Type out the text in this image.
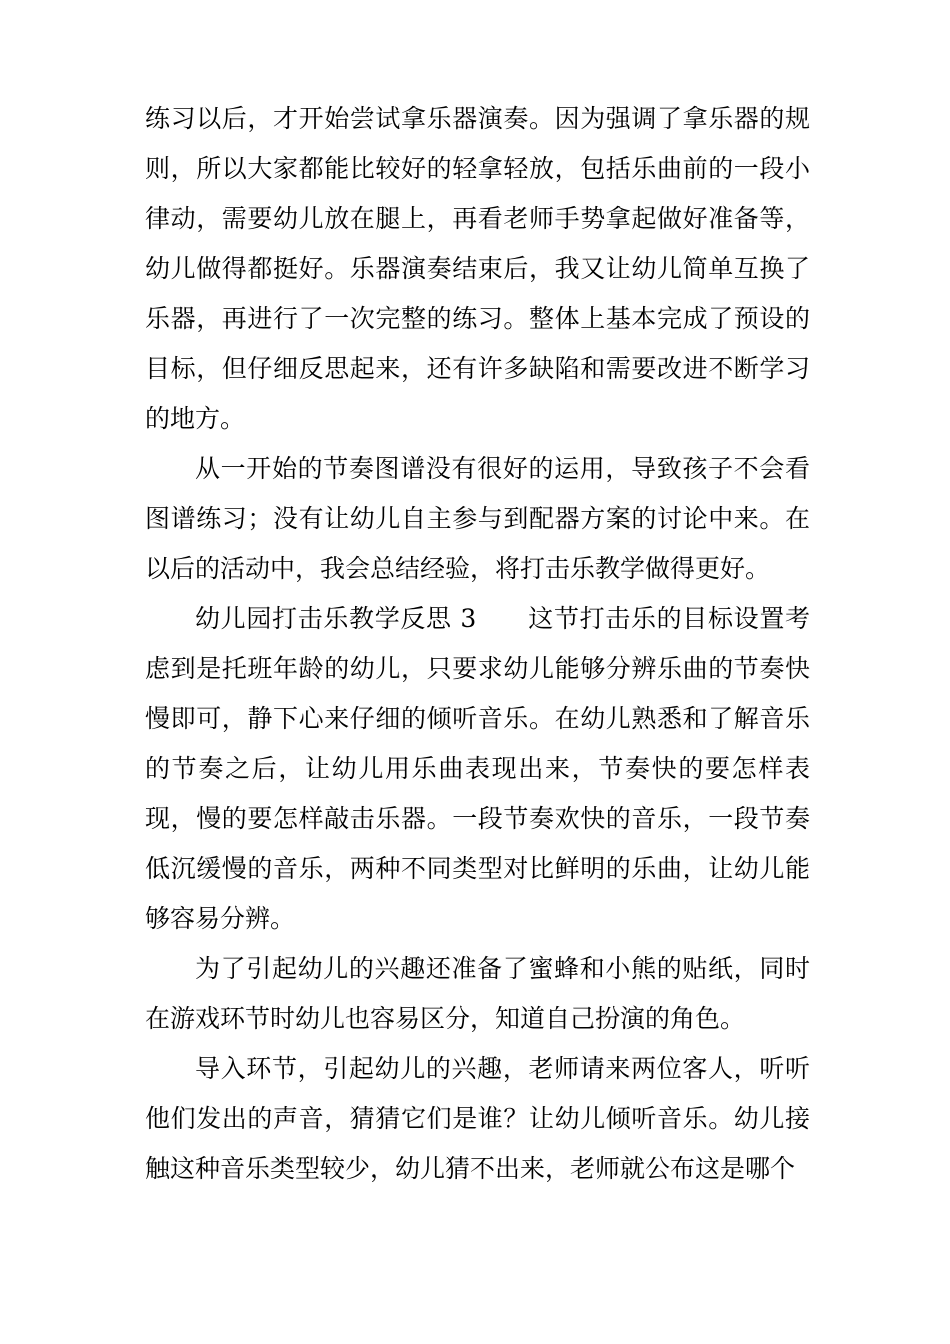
练习以后，才开始尝试拿乐器演奏。因为强调了拿乐器的规则，所以大家都能比较好的轻拿轻放，包括乐曲前的一段小律动，需要幼儿放在腿上，再看老师手势拿起做好准备等，幼儿做得都挺好。乐器演奏结束后，我又让幼儿简单互换了乐器，再进行了一次完整的练习。整体上基本完成了预设的目标，但仔细反思起来，还有许多缺陷和需要改进不断学习的地方。

从一开始的节奏图谱没有很好的运用，导致孩子不会看图谱练习；没有让幼儿自主参与到配器方案的讨论中来。在以后的活动中，我会总结经验，将打击乐教学做得更好。

幼儿园打击乐教学反思 3　　这节打击乐的目标设置考虑到是托班年龄的幼儿，只要求幼儿能够分辨乐曲的节奏快慢即可，静下心来仔细的倾听音乐。在幼儿熟悉和了解音乐的节奏之后，让幼儿用乐曲表现出来，节奏快的要怎样表现，慢的要怎样敲击乐器。一段节奏欢快的音乐，一段节奏低沉缓慢的音乐，两种不同类型对比鲜明的乐曲，让幼儿能够容易分辨。

为了引起幼儿的兴趣还准备了蜜蜂和小熊的贴纸，同时在游戏环节时幼儿也容易区分，知道自己扮演的角色。

导入环节，引起幼儿的兴趣，老师请来两位客人，听听他们发出的声音，猜猜它们是谁？让幼儿倾听音乐。幼儿接触这种音乐类型较少，幼儿猜不出来，老师就公布这是哪个
